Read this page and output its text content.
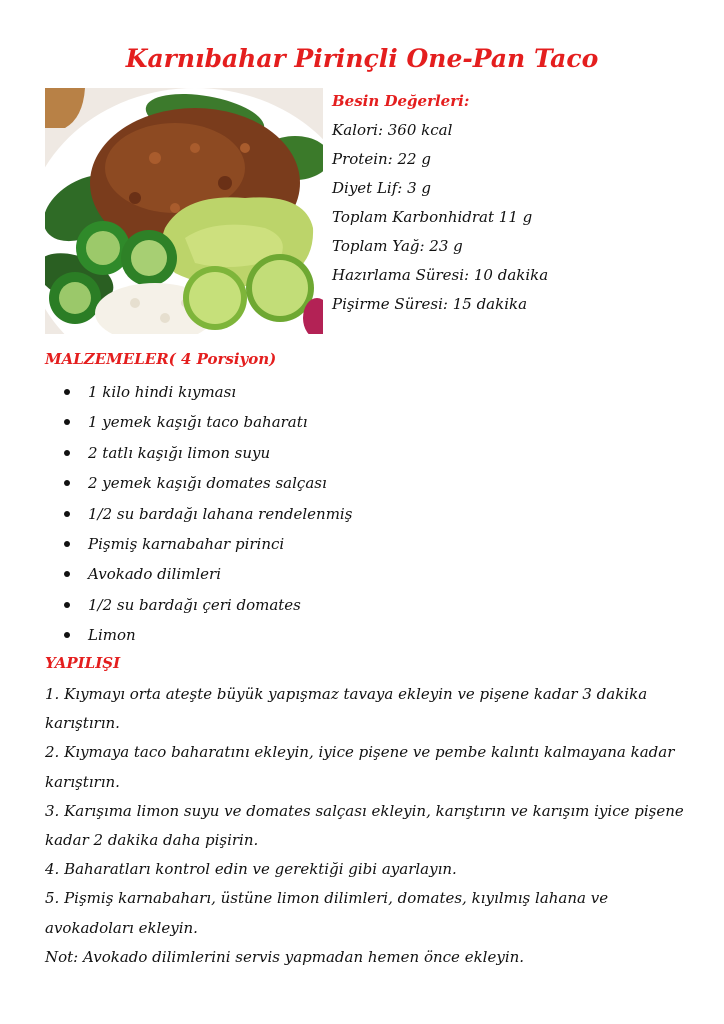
Karnıbahar Pirinçli One-Pan Taco
Besin Değerleri:
Kalori: 360 kcal
Protein: 22 g
Diyet Lif: 3 g
Toplam Karbonhidrat 11 g
Toplam Yağ: 23 g
Hazırlama Süresi: 10 dakika
Pişirme Süresi: 15 dakika
MALZEMELER( 4 Porsiyon)
1 kilo hindi kıyması
1 yemek kaşığı taco baharatı
2 tatlı kaşığı limon suyu
2 yemek kaşığı domates salçası
1/2 su bardağı lahana rendelenmiş
Pişmiş karnabahar pirinci
Avokado dilimleri
1/2 su bardağı çeri domates
Limon
YAPILIŞI

1. Kıymayı orta ateşte büyük yapışmaz tavaya ekleyin ve pişene kadar 3 dakika karıştırın.

2. Kıymaya taco baharatını ekleyin, iyice pişene ve pembe kalıntı kalmayana kadar karıştırın.

3. Karışıma limon suyu ve domates salçası ekleyin, karıştırın ve karışım iyice pişene kadar 2 dakika daha pişirin.

4. Baharatları kontrol edin ve gerektiği gibi ayarlayın.

5. Pişmiş karnabaharı, üstüne limon dilimleri, domates, kıyılmış lahana ve avokadoları ekleyin.

Not: Avokado dilimlerini servis yapmadan hemen önce ekleyin.
